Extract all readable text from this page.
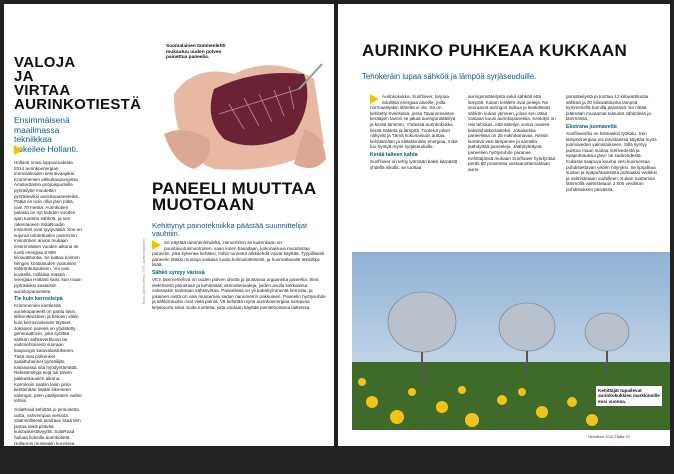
VALOJA JA VIRTAA AURINKOTIESTÄ

Ensimmäisenä maailmassa tekniikkaa kokeilee Hollanti.

Hollanti nousi loppuvuodesta 2014 aurinkoenergian innovaatioiden tienraivaajaksi. Krommenien pikkukaupungissa Amsterdamin pohjoispuolella pyöräilytie muutettiin pyöräileviksi aurinkopaneeleiksi. Pätkä on noin ollut järin pitkä, vain 70 metriä. Aurinkotien palasta on nyt kahden vuoden ajan tuotettu sähköä, ja sen rakentaneen SolaRoadin insinöörit ovat tyytyväisiä. Koe on sujunut odotettuakin paremmin. Insinöörien arvion mukaan ensimmäisen vuoden aikana tie tuotti energiaa 9 800 kilowattituntia. Se kattaa kolmen hengen kotitalouden vuotuisen sähkönkulutuksen. Voi vain kuvitella, millaisia määriä energiaa Hollanti saisi, kun maan pyöräteiksi saataisiin aurinkopaneeleita.

Tie kuin kerrosleipä

Krommenien koetiessä aurinkopaneelit on pantu lasin, silikonikivisteen ja betonin väliin kuin kerrosvoileivän täytteet. Jokainen paneeli on yhdistetty generaattoriin, joka syöttää sähkön sähköverkkoon tai vaihtoehtoisesti suoraan kaupungin katuvalaistukseen. Tietä ovat polkeneet sadattuhannet pyöräilijät, tosiasiassa sitä hyödyntämättä. Rekisteröityjä tiejä tuli talven pakkaskausien aikana. Kerroksiin saatiin lasin pinta kestämään lisäksi liikenteen vahingot, joten päällysteen vaihto tehtiin.

SolaRoad kehittää jo pinnoitetta uutta, vahvempaa versiota. Säännöllisesti tarvitaan lisää tien pintaa sekä pitävää kulutuskestävyyttä. SolaRoad haluaa kokeilla aurinkotietä Hollannin muissakin kunnissa. Yhtiö pyrkii myös Kaliforniaan. Se onkin isompi loikka, mutta aiheuttaa uuden paineen: miten hankitaan muuttamisesta aurinkotieksi.

Suomalainen tammenlehti mukautuu uuden polven painettua paneelia.
Kuva: Jarkko Heino / VTT; Jarmo Hyvärinen
PANEELI MUUTTAA MUOTOAAN

Kehittynyt painotekniikka päästää suunnittelijat vauhtiin.

Se näyttää tammenlehdeltä. Harvemmin se kuitenkaan on puuntaivutusmuotoinen, vaan kuten havaitaan, kokonaisuus muodostaa paneelin, joka kykenee kehäksi, mihin tunnetut arkkitehdit voivat käyttää. Tyypillisesti paneelin lisäksi muotoja voidaan luoda kolmiulotteisesti, ja huomattavasti tekniikka lisää.

Sähkö syntyy värissä

Vtt:n tammenlehvä on uuden polven ohutta ja joustavaa orgaanista paneelia. Sinä elektrisesti painetaan ja kehitetään värimateriaaleja, joiden avulla kirkkaassa valossakin tuotetaan sähkövirtaa. Paneelissa on yli kaksikymmentä kerrosta, ja jokainen niistä on vain muutaman sadan nanometrin paksuinen. Paneelin hyötysuhde ja sähköntuotto ovat vielä pieniä. Vtt kehittää myös aurinkoenergiaa tuottavaa kirjekuorta sekä muita tuotteita, joita voidaan käyttää pienitehoisissa laitteissa.

AURINKO PUHKEAA KUKKAAN

Tehokeräin lupaa sähköä ja lämpöä syrjäseuduille.

Aurinkokukka, Sunflower, tarjoaa edullista energiaa alueille, joilla normaalejakin lähteitä ei ole. Se on kehitetty Sveitsissä, jossa Tavanomaisten kerääjien tavoin se jakaa auringonsäteilyä ja kerää lämmön. Yhdessä aurinkokukka kerää sähköä ja lämpöä. Tuotetut pilvet näkyvät ja Tämä kokonaisuus auttaa kehittämään ja säästämään energiaa, mikä tuo hyötyä myös syrjäseuduille.

Kerää talteen kahta

Sunflower on tehty lyömään kaksi kärpästä yhdellä iskulla: se tuottaa

auringonsäteilystä sekä sähköä että lämpöä. Kukan teräleht ovat peilejä. Ne seuraavat auringon kulkua ja keskittävät sähkön kukan ytimeen, jossa sen ottaa vastaan kuusi aurinkopaneelia. Keskitys on niin tehokas, että säteilyn voima nousee kaksituhatkertaiseksi. Jokaisessa paneelissa on 25 mikrokanavaa. Niissä kiertävä vesi lämpenee ja samalla jäähdyttää paneeleja. Jäähdytettynä paneelien hyötysuhde paranee. Kehittäjänsä mukaan Sunflower hyödyntää peräti 80 prosenttia vastaanottamastaan aurin-

gonsäteilystä ja tuottaa 12 kilowattituntia sähköä ja 20 kilowattituntia lämpöä kymmenellä tunnilla päivässä. Se riittää pitämään muutamat taloudet sähköissä ja lämmössä.

Ekstrana juomavettä

Sunflowerilla on kolmaskin työkalu. Sen lämpöenergiaa voi tarvittaessa käyttää myös juomaveden valmistukseen. Sillä syntyy puistoa maan suolaa merivedestä ja epäpuhtauksia järvi- tai sadevedestä. Kukasta saapuva kuuma vesi kuumentaa puhdistettavan veden höyryksi. Se lipsahtaa suolan ja epäpuhtauksista puhtaaksi vedeksi ja valmistetaan uudelleen. Kukan tuottaman lämmöllä valmistetaan 2 500 vesilitran puhdistuksen päivässä.

Kehittäjät tupailevat aurinkokukkien markkinoille ensi vuonna.
Heinäkuu 2016 Tiede 29
